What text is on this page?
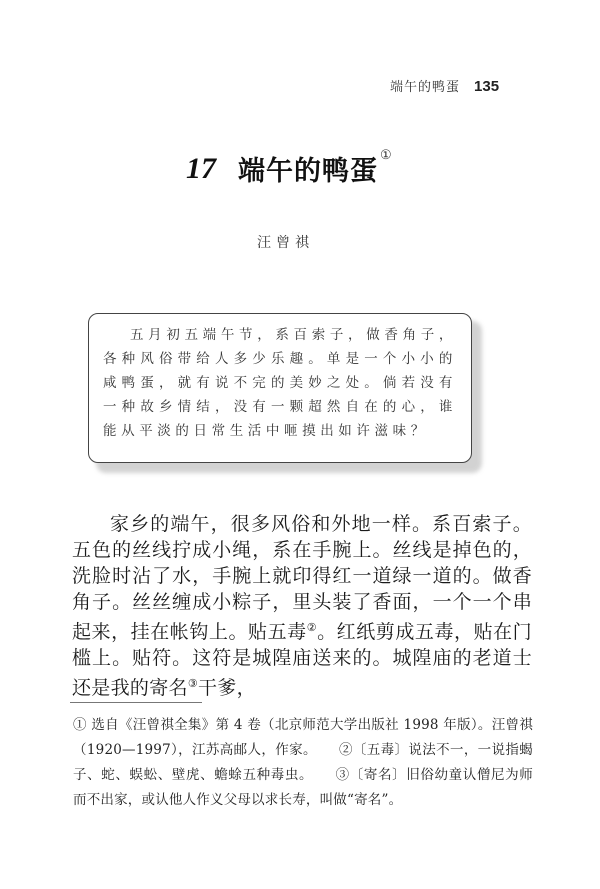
端午的鸭蛋 135
17 端午的鸭蛋①
汪曾祺

五月初五端午节，系百索子，做香角子，各种风俗带给人多少乐趣。单是一个小小的咸鸭蛋，就有说不完的美妙之处。倘若没有一种故乡情结，没有一颗超然自在的心，谁能从平淡的日常生活中咂摸出如许滋味？

家乡的端午，很多风俗和外地一样。系百索子。五色的丝线拧成小绳，系在手腕上。丝线是掉色的，洗脸时沾了水，手腕上就印得红一道绿一道的。做香角子。丝丝缠成小粽子，里头装了香面，一个一个串起来，挂在帐钩上。贴五毒②。红纸剪成五毒，贴在门槛上。贴符。这符是城隍庙送来的。城隍庙的老道士还是我的寄名③干爹，

① 选自《汪曾祺全集》第 4 卷（北京师范大学出版社 1998 年版）。汪曾祺（1920—1997），江苏高邮人，作家。 ②〔五毒〕说法不一，一说指蝎子、蛇、蜈蚣、壁虎、蟾蜍五种毒虫。 ③〔寄名〕旧俗幼童认僧尼为师而不出家，或认他人作义父母以求长寿，叫做“寄名”。
